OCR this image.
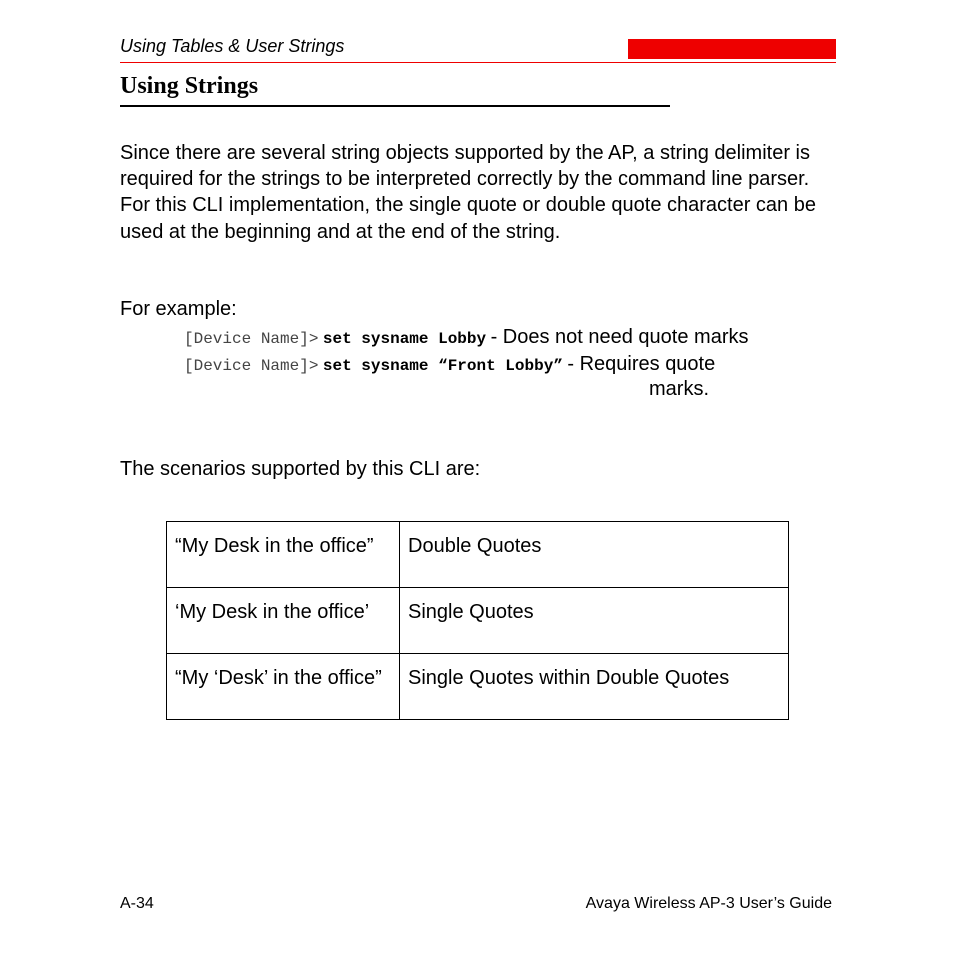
Using Tables & User Strings
Using Strings

Since there are several string objects supported by the AP, a string delimiter is required for the strings to be interpreted correctly by the command line parser. For this CLI implementation, the single quote or double quote character can be used at the beginning and at the end of the string.

For example:

[Device Name]> set sysname Lobby - Does not need quote marks
[Device Name]> set sysname “Front Lobby” - Requires quote
marks.

The scenarios supported by this CLI are:

“My Desk in the office”	Double Quotes
‘My Desk in the office’	Single Quotes
“My ‘Desk’ in the office”	Single Quotes within Double Quotes
A-34	Avaya Wireless AP-3 User’s Guide
